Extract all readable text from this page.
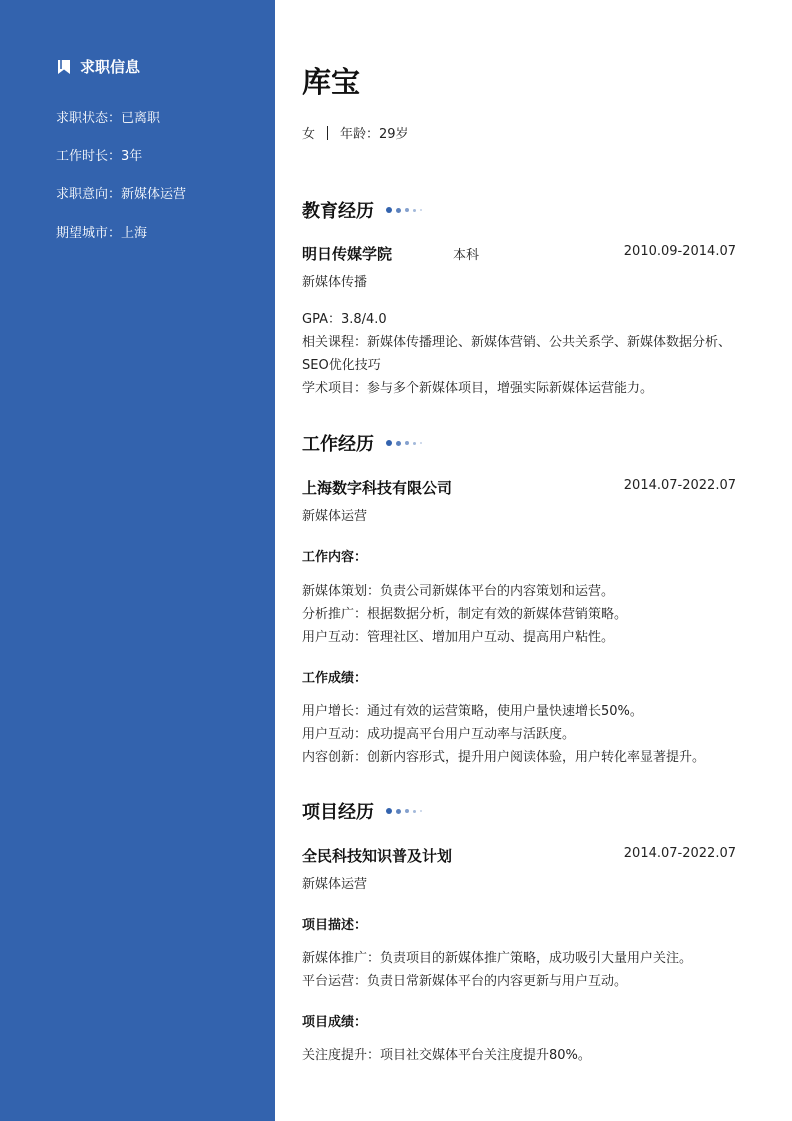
求职信息
求职状态：已离职
工作时长：3年
求职意向：新媒体运营
期望城市：上海
库宝
女 年龄：29岁
教育经历
明日传媒学院	本科	2010.09-2014.07
新媒体传播
GPA：3.8/4.0
相关课程：新媒体传播理论、新媒体营销、公共关系学、新媒体数据分析、SEO优化技巧
学术项目：参与多个新媒体项目，增强实际新媒体运营能力。
工作经历
上海数字科技有限公司	2014.07-2022.07
新媒体运营
工作内容：
新媒体策划：负责公司新媒体平台的内容策划和运营。
分析推广：根据数据分析，制定有效的新媒体营销策略。
用户互动：管理社区、增加用户互动、提高用户粘性。
工作成绩：
用户增长：通过有效的运营策略，使用户量快速增长50%。
用户互动：成功提高平台用户互动率与活跃度。
内容创新：创新内容形式，提升用户阅读体验，用户转化率显著提升。
项目经历
全民科技知识普及计划	2014.07-2022.07
新媒体运营
项目描述：
新媒体推广：负责项目的新媒体推广策略，成功吸引大量用户关注。
平台运营：负责日常新媒体平台的内容更新与用户互动。
项目成绩：
关注度提升：项目社交媒体平台关注度提升80%。
